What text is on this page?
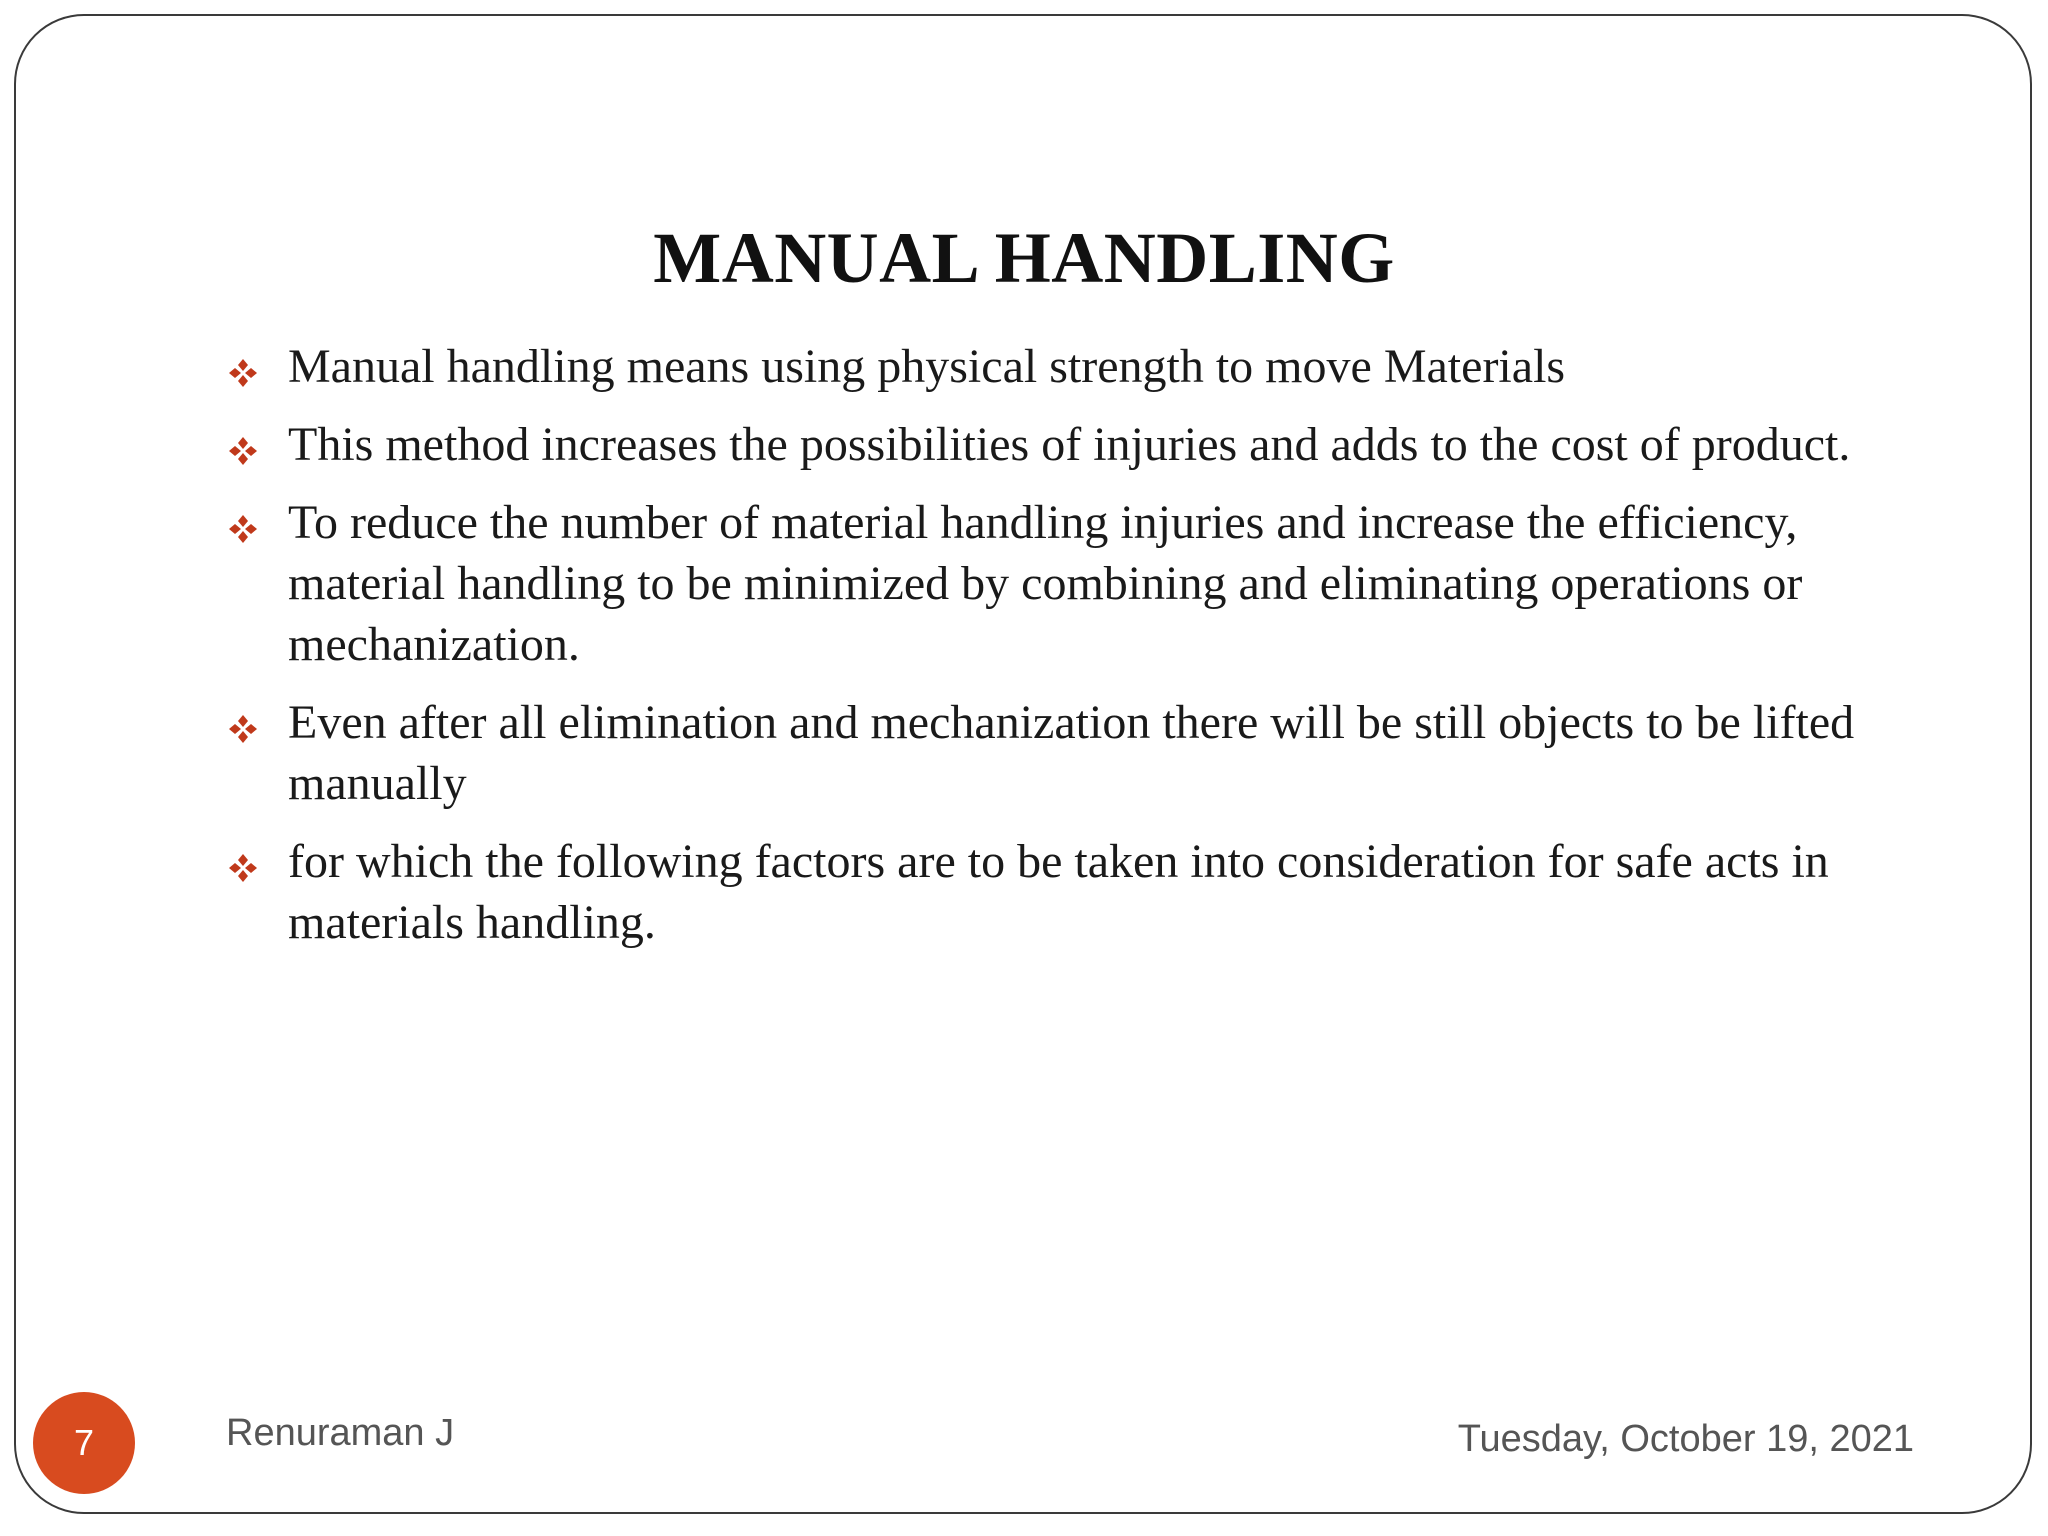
MANUAL HANDLING
Manual handling means using physical strength to move Materials
This method increases the possibilities of injuries and adds to the cost of product.
To reduce the number of material handling injuries and increase the efficiency, material handling to be minimized by combining and eliminating operations or mechanization.
Even after all elimination and mechanization there will be still objects to be lifted manually
for which the following factors are to be taken into consideration for safe acts in materials handling.
7	Renuraman J	Tuesday, October 19, 2021
